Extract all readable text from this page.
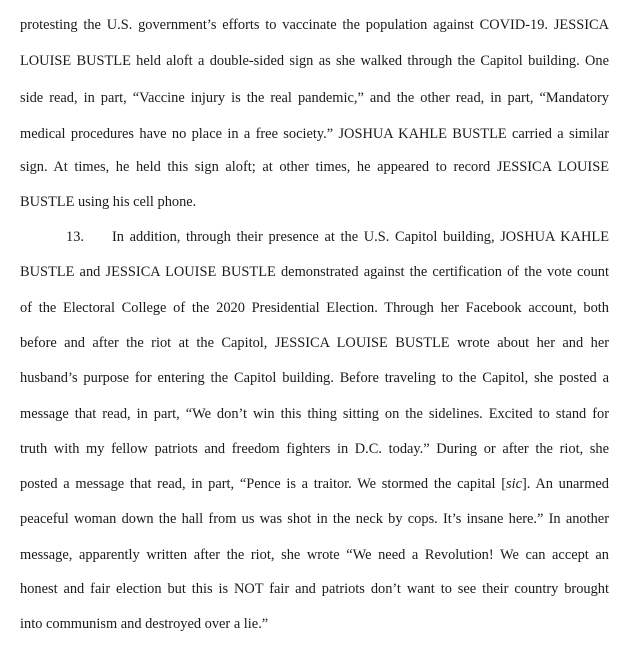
protesting the U.S. government’s efforts to vaccinate the population against COVID-19. JESSICA
LOUISE BUSTLE held aloft a double-sided sign as she walked through the Capitol building. One
side read, in part, “Vaccine injury is the real pandemic,” and the other read, in part, “Mandatory
medical procedures have no place in a free society.” JOSHUA KAHLE BUSTLE carried a similar
sign. At times, he held this sign aloft; at other times, he appeared to record JESSICA LOUISE
BUSTLE using his cell phone.
13. In addition, through their presence at the U.S. Capitol building, JOSHUA KAHLE
BUSTLE and JESSICA LOUISE BUSTLE demonstrated against the certification of the vote count
of the Electoral College of the 2020 Presidential Election. Through her Facebook account, both
before and after the riot at the Capitol, JESSICA LOUISE BUSTLE wrote about her and her
husband’s purpose for entering the Capitol building. Before traveling to the Capitol, she posted a
message that read, in part, “We don’t win this thing sitting on the sidelines. Excited to stand for
truth with my fellow patriots and freedom fighters in D.C. today.” During or after the riot, she
posted a message that read, in part, “Pence is a traitor. We stormed the capital [sic]. An unarmed
peaceful woman down the hall from us was shot in the neck by cops. It’s insane here.” In another
message, apparently written after the riot, she wrote “We need a Revolution! We can accept an
honest and fair election but this is NOT fair and patriots don’t want to see their country brought
into communism and destroyed over a lie.”
